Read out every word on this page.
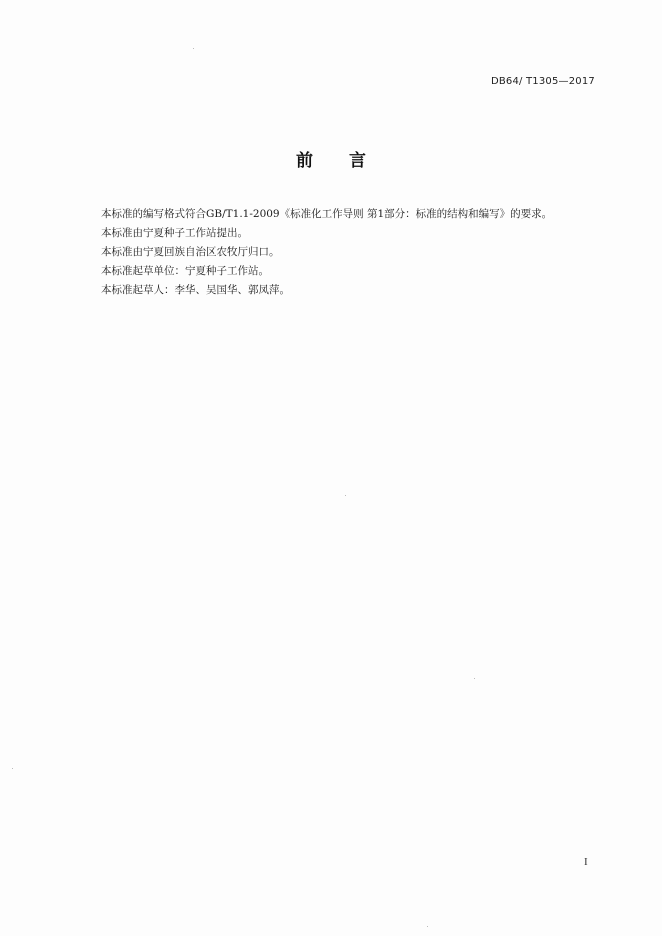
DB64/ T1305—2017
前言
本标准的编写格式符合GB/T1.1-2009《标准化工作导则 第1部分：标准的结构和编写》的要求。
本标准由宁夏种子工作站提出。
本标准由宁夏回族自治区农牧厅归口。
本标准起草单位：宁夏种子工作站。
本标准起草人：李华、吴国华、郭凤萍。
I
